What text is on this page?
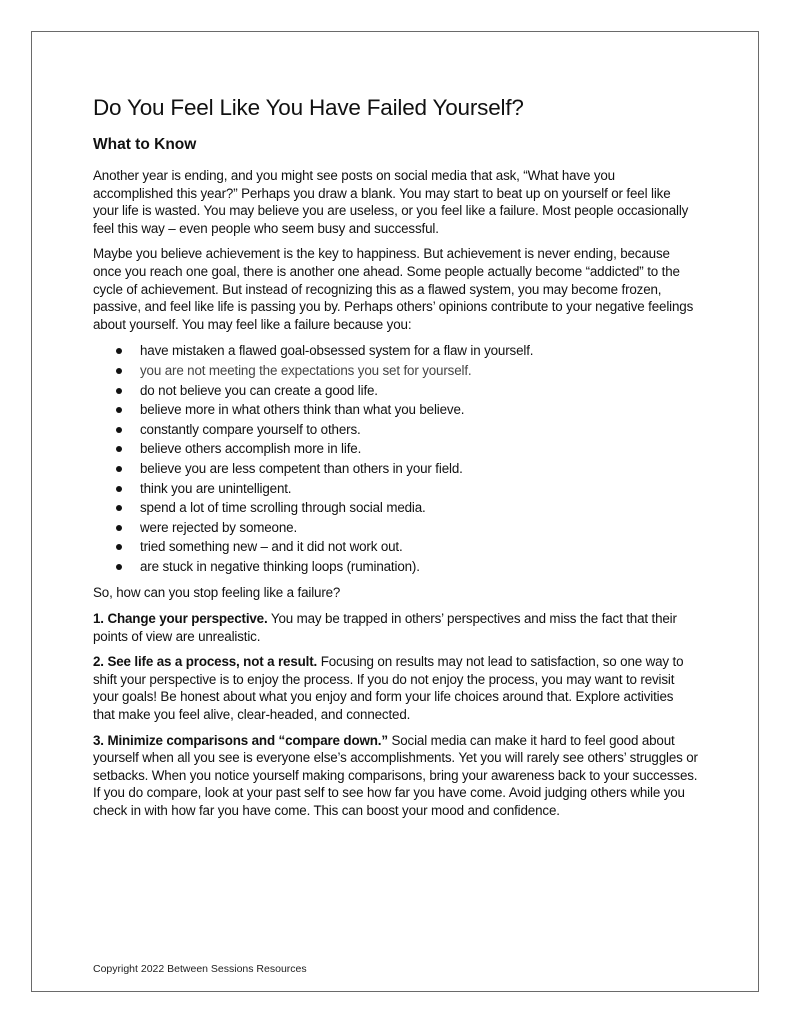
Do You Feel Like You Have Failed Yourself?
What to Know

Another year is ending, and you might see posts on social media that ask, “What have you accomplished this year?” Perhaps you draw a blank. You may start to beat up on yourself or feel like your life is wasted. You may believe you are useless, or you feel like a failure. Most people occasionally feel this way – even people who seem busy and successful.

Maybe you believe achievement is the key to happiness. But achievement is never ending, because once you reach one goal, there is another one ahead. Some people actually become “addicted” to the cycle of achievement. But instead of recognizing this as a flawed system, you may become frozen, passive, and feel like life is passing you by. Perhaps others’ opinions contribute to your negative feelings about yourself. You may feel like a failure because you:

have mistaken a flawed goal-obsessed system for a flaw in yourself.
you are not meeting the expectations you set for yourself.
do not believe you can create a good life.
believe more in what others think than what you believe.
constantly compare yourself to others.
believe others accomplish more in life.
believe you are less competent than others in your field.
think you are unintelligent.
spend a lot of time scrolling through social media.
were rejected by someone.
tried something new – and it did not work out.
are stuck in negative thinking loops (rumination).

So, how can you stop feeling like a failure?

1. Change your perspective. You may be trapped in others’ perspectives and miss the fact that their points of view are unrealistic.

2. See life as a process, not a result. Focusing on results may not lead to satisfaction, so one way to shift your perspective is to enjoy the process. If you do not enjoy the process, you may want to revisit your goals! Be honest about what you enjoy and form your life choices around that. Explore activities that make you feel alive, clear-headed, and connected.

3. Minimize comparisons and “compare down.” Social media can make it hard to feel good about yourself when all you see is everyone else’s accomplishments. Yet you will rarely see others’ struggles or setbacks. When you notice yourself making comparisons, bring your awareness back to your successes. If you do compare, look at your past self to see how far you have come. Avoid judging others while you check in with how far you have come. This can boost your mood and confidence.

Copyright 2022 Between Sessions Resources
